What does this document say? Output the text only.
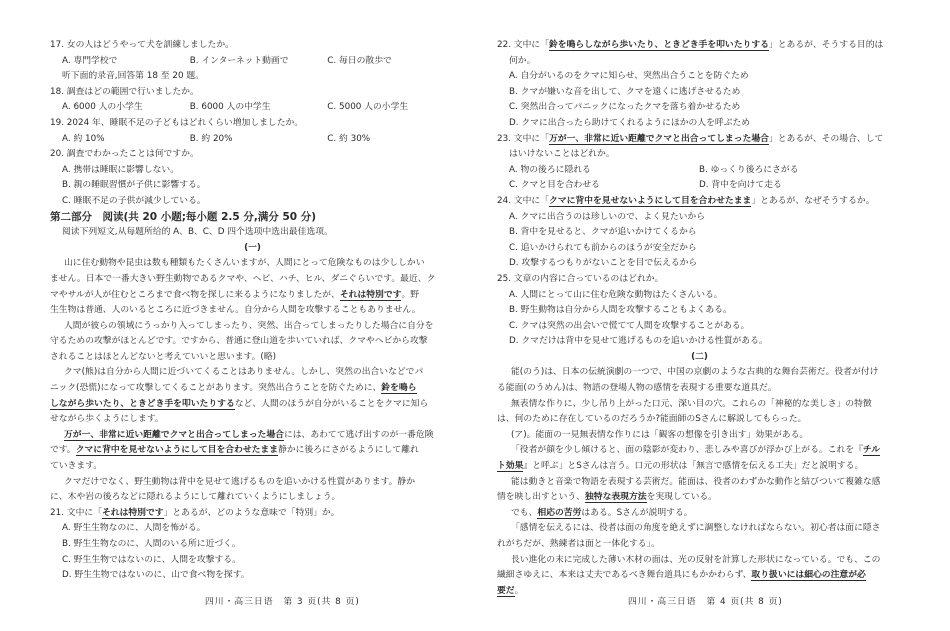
17. 女の人はどうやって犬を訓練しましたか。

A. 専門学校で	B. インターネット動画で	C. 毎日の散歩で

听下面的录音,回答第 18 至 20 题。

18. 調査はどの範囲で行いましたか。

A. 6000 人の小学生	B. 6000 人の中学生	C. 5000 人の小学生

19. 2024 年、睡眠不足の子どもはどれくらい増加しましたか。

A. 約 10%	B. 約 20%	C. 約 30%

20. 調査でわかったことは何ですか。

A. 携帯は睡眠に影響しない。

B. 親の睡眠習慣が子供に影響する。

C. 睡眠不足の子供が減少している。

第二部分　阅读(共 20 小题;每小题 2.5 分,满分 50 分)

阅读下列短文,从每题所给的 A、B、C、D 四个选项中选出最佳选项。

(一)

山に住む動物や昆虫は数も種類もたくさんいますが、人間にとって危険なものは少ししかい

ません。日本で一番大きい野生動物であるクマや、ヘビ、ハチ、ヒル、ダニぐらいです。最近、ク

マやサルが人が住むところまで食べ物を探しに来るようになりましたが、それは特別です。野

生生物は普通、人のいるところに近づきません。自分から人間を攻撃することもありません。

人間が彼らの領域にうっかり入ってしまったり、突然、出合ってしまったりした場合に自分を

守るための攻撃がほとんどです。ですから、普通に登山道を歩いていれば、クマやヘビから攻撃

されることはほとんどないと考えていいと思います。(略)

クマ(熊)は自分から人間に近づいてくることはありません。しかし、突然の出合いなどでパ

ニック(恐慌)になって攻撃してくることがあります。突然出合うことを防ぐために、鈴を鳴ら

しながら歩いたり、ときどき手を叩いたりするなど、人間のほうが自分がいることをクマに知ら

せながら歩くようにします。

万が一、非常に近い距離でクマと出合ってしまった場合には、あわてて逃げ出すのが一番危険

です。クマに背中を見せないようにして目を合わせたまま静かに後ろにさがるようにして離れ

ていきます。

クマだけでなく、野生動物は背中を見せて逃げるものを追いかける性質があります。静か

に、木や岩の後ろなどに隠れるようにして離れていくようにしましょう。

21. 文中に「それは特別です」とあるが、どのような意味で「特別」か。

A. 野生生物なのに、人間を怖がる。

B. 野生生物なのに、人間のいる所に近づく。

C. 野生生物ではないのに、人間を攻撃する。

D. 野生生物ではないのに、山で食べ物を探す。

22. 文中に「鈴を鳴らしながら歩いたり、ときどき手を叩いたりする」とあるが、そうする目的は

何か。

A. 自分がいるのをクマに知らせ、突然出合うことを防ぐため

B. クマが嫌いな音を出して、クマを遠くに逃げさせるため

C. 突然出合ってパニックになったクマを落ち着かせるため

D. クマに出合ったら助けてくれるようにほかの人を呼ぶため

23. 文中に「万が一、非常に近い距離でクマと出合ってしまった場合」とあるが、その場合、して

はいけないことはどれか。

A. 物の後ろに隠れる	B. ゆっくり後ろにさがる
C. クマと目を合わせる	D. 背中を向けて走る

24. 文中に「クマに背中を見せないようにして目を合わせたまま」とあるが、なぜそうするか。

A. クマに出合うのは珍しいので、よく見たいから

B. 背中を見せると、クマが追いかけてくるから

C. 追いかけられても前からのほうが安全だから

D. 攻撃するつもりがないことを目で伝えるから

25. 文章の内容に合っているのはどれか。

A. 人間にとって山に住む危険な動物はたくさんいる。

B. 野生動物は自分から人間を攻撃することもよくある。

C. クマは突然の出会いで慌てて人間を攻撃することがある。

D. クマだけは背中を見せて逃げるものを追いかける性質がある。

(二)

能(のう)は、日本の伝統演劇の一つで、中国の京劇のような古典的な舞台芸術だ。役者が付け

る能面(のうめん)は、物語の登場人物の感情を表現する重要な道具だ。

無表情な作りに、少し吊り上がった口元、深い目の穴。これらの「神秘的な美しさ」の特徴

は、何のために存在しているのだろうか?能面師のSさんに解説してもらった。

(ア)。能面の一見無表情な作りには「観客の想像を引き出す」効果がある。

「役者が顔を少し傾けると、面の陰影が変わり、悲しみや喜びが浮かび上がる。これを『チル

ト効果』と呼ぶ」とSさんは言う。口元の形状は「無言で感情を伝える工夫」だと説明する。

能は動きと音楽で物語を表現する芸術だ。能面は、役者のわずかな動作と結びついて複雑な感

情を映し出すという、独特な表現方法を実現している。

でも、相応の苦労はある。Sさんが説明する。

「感情を伝えるには、役者は面の角度を絶えずに調整しなければならない。初心者は面に隠さ

れがちだが、熟練者は面と一体化する」。

長い進化の末に完成した薄い木材の面は、光の反射を計算した形状になっている。でも、この

繊細さゆえに、本来は丈夫であるべき舞台道具にもかかわらず、取り扱いには細心の注意が必

要だ。

四川・高三日语　第 3 页(共 8 页)	四川・高三日语　第 4 页(共 8 页)
